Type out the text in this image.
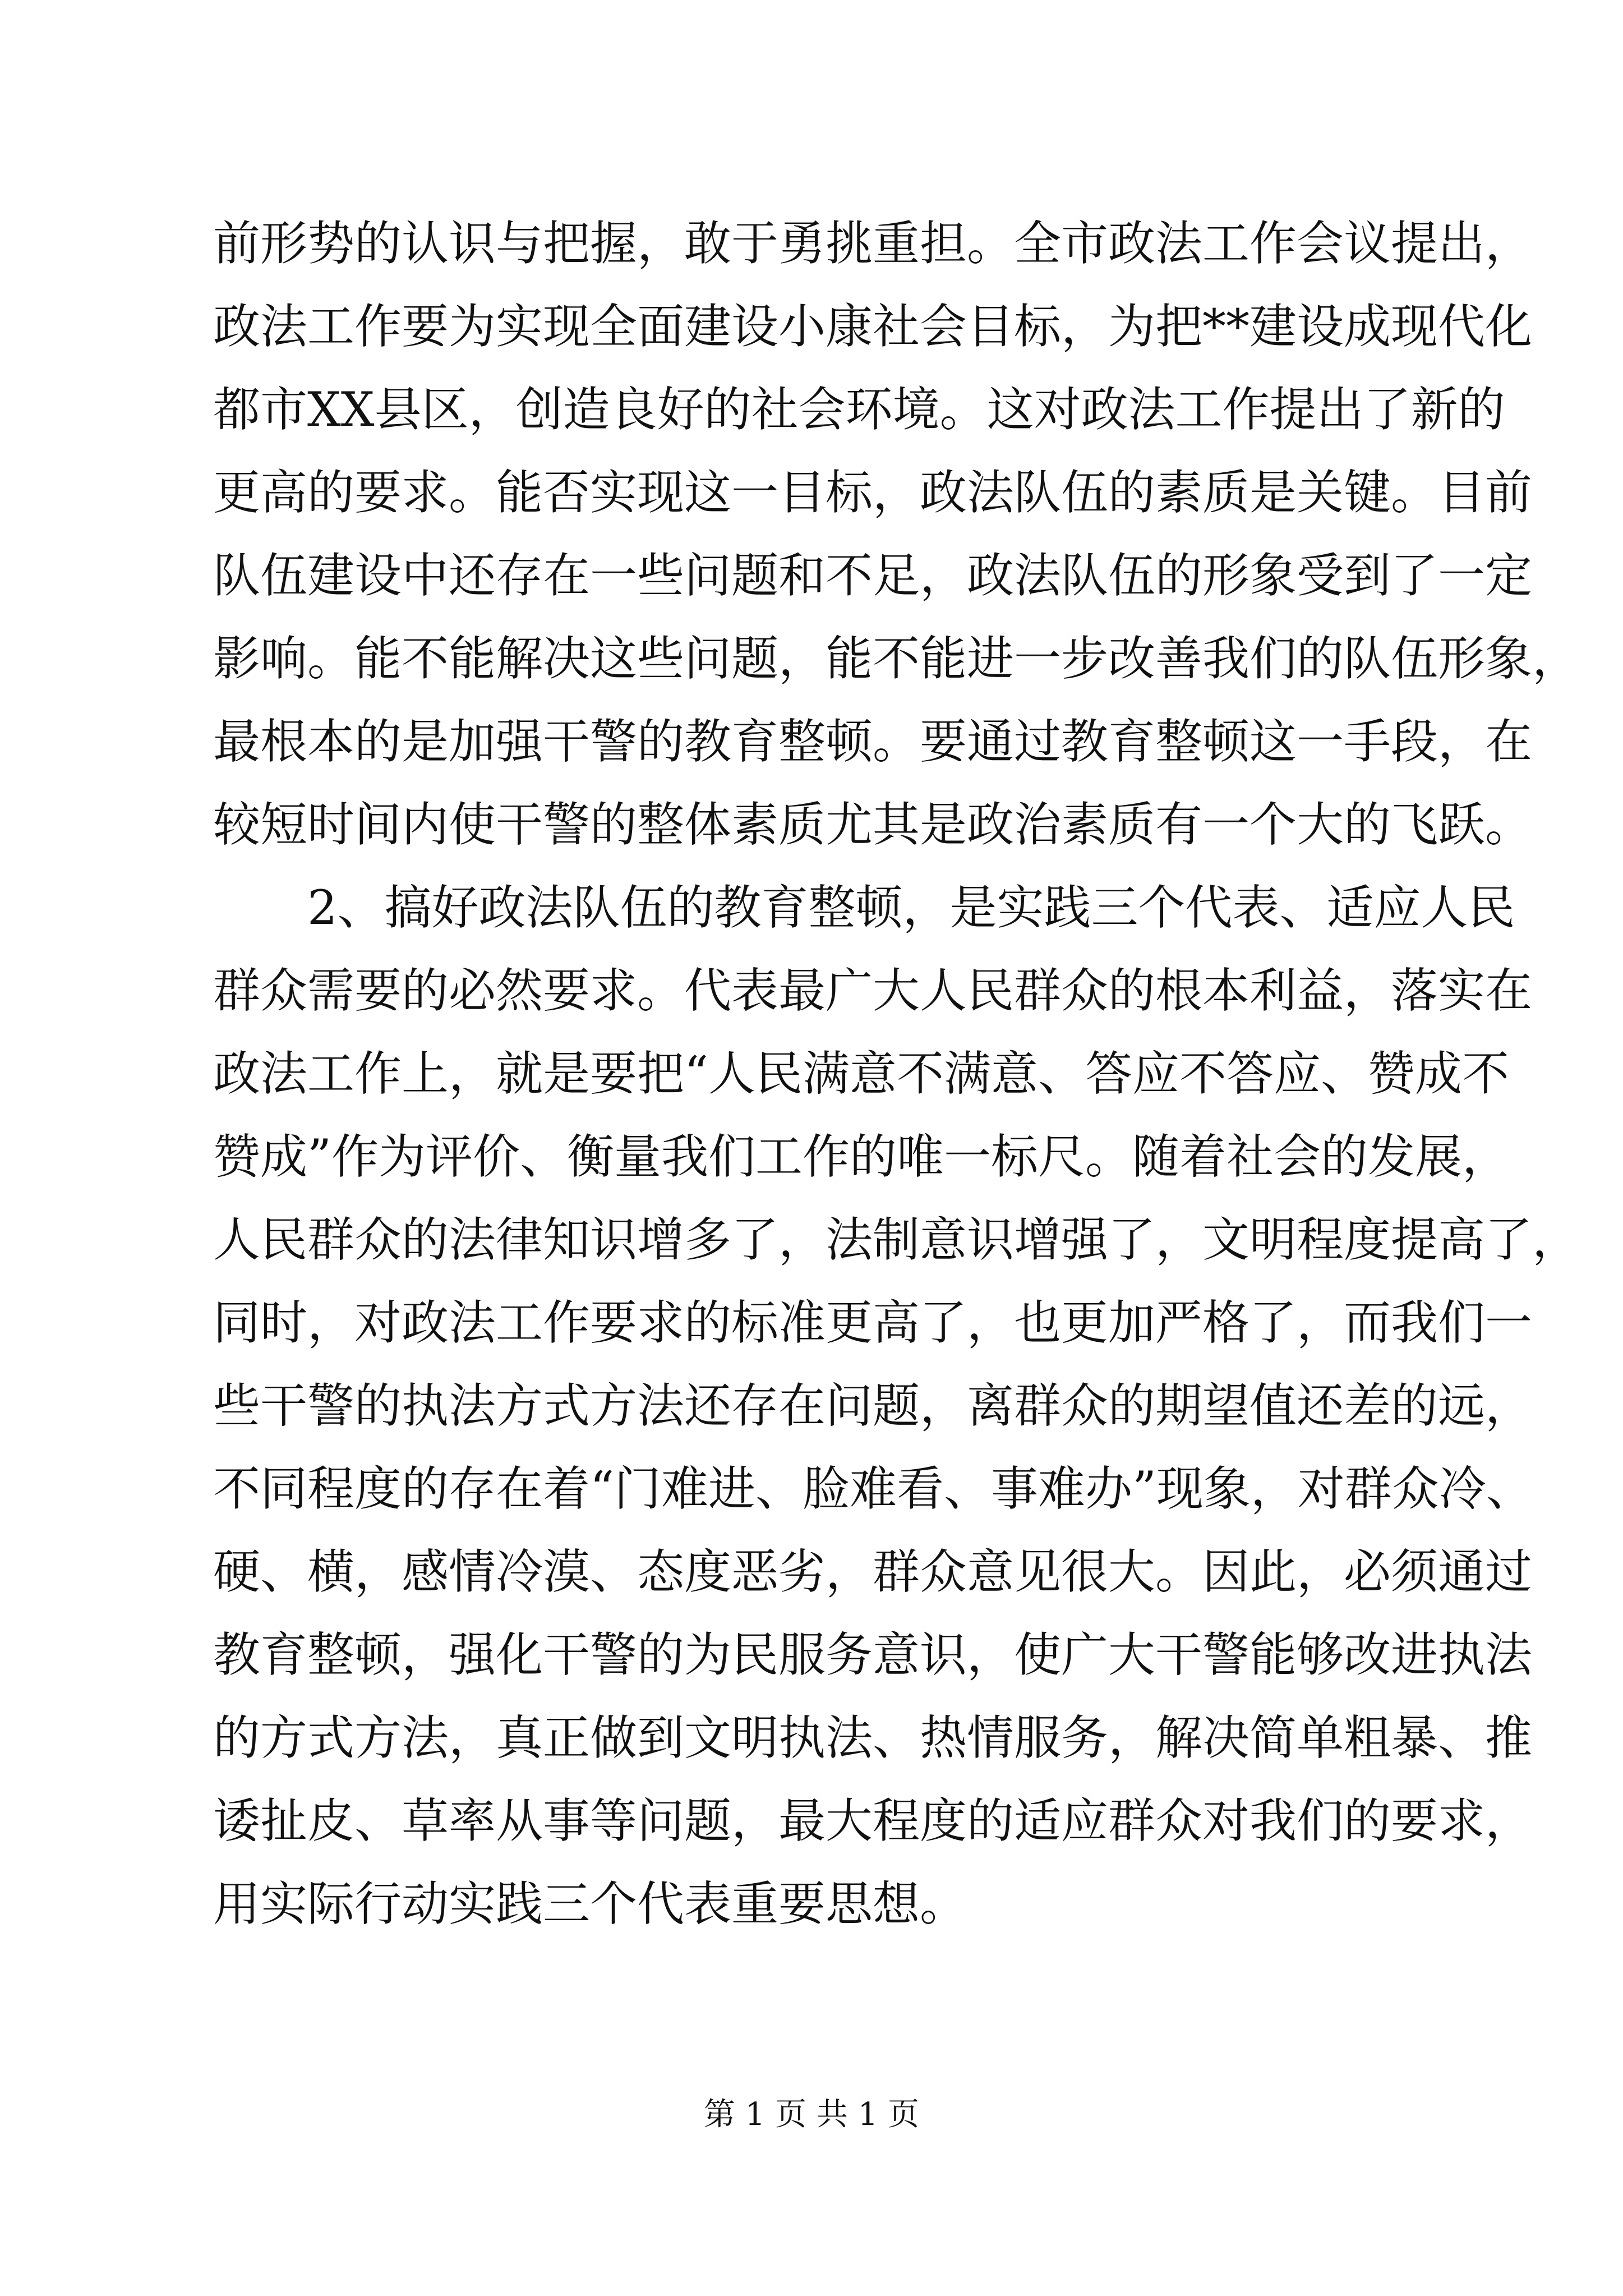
前形势的认识与把握，敢于勇挑重担。全市政法工作会议提出，
政法工作要为实现全面建设小康社会目标，为把**建设成现代化
都市XX县区，创造良好的社会环境。这对政法工作提出了新的
更高的要求。能否实现这一目标，政法队伍的素质是关键。目前
队伍建设中还存在一些问题和不足，政法队伍的形象受到了一定
影响。能不能解决这些问题，能不能进一步改善我们的队伍形象，
最根本的是加强干警的教育整顿。要通过教育整顿这一手段，在
较短时间内使干警的整体素质尤其是政治素质有一个大的飞跃。
2、搞好政法队伍的教育整顿，是实践三个代表、适应人民
群众需要的必然要求。代表最广大人民群众的根本利益，落实在
政法工作上，就是要把“人民满意不满意、答应不答应、赞成不
赞成”作为评价、衡量我们工作的唯一标尺。随着社会的发展，
人民群众的法律知识增多了，法制意识增强了，文明程度提高了，
同时，对政法工作要求的标准更高了，也更加严格了，而我们一
些干警的执法方式方法还存在问题，离群众的期望值还差的远，
不同程度的存在着“门难进、脸难看、事难办”现象，对群众冷、
硬、横，感情冷漠、态度恶劣，群众意见很大。因此，必须通过
教育整顿，强化干警的为民服务意识，使广大干警能够改进执法
的方式方法，真正做到文明执法、热情服务，解决简单粗暴、推
诿扯皮、草率从事等问题，最大程度的适应群众对我们的要求，
用实际行动实践三个代表重要思想。
第 1 页 共 1 页
